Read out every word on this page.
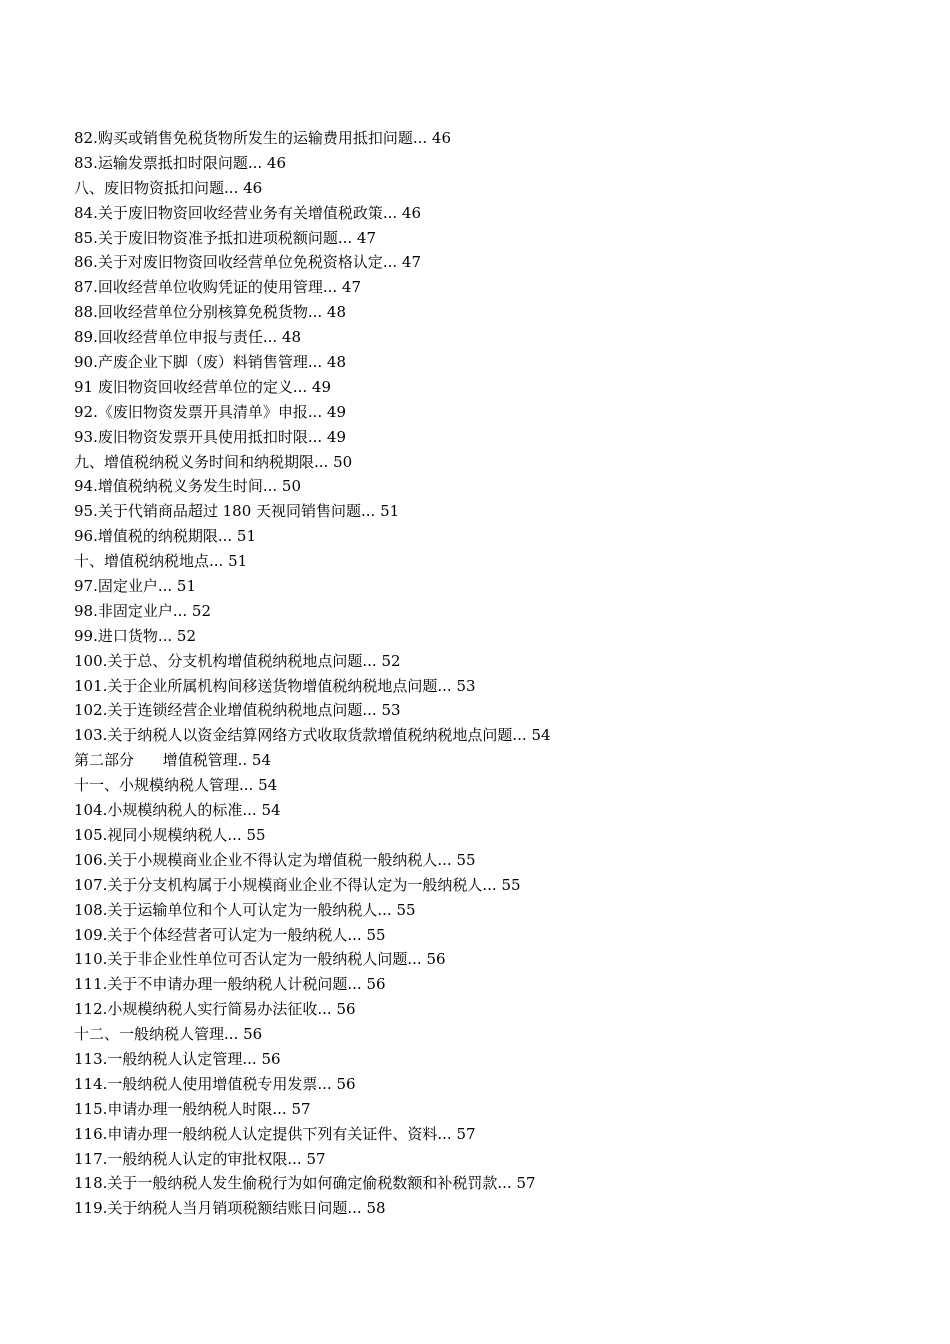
82.购买或销售免税货物所发生的运输费用抵扣问题... 46
83.运输发票抵扣时限问题... 46
八、废旧物资抵扣问题... 46
84.关于废旧物资回收经营业务有关增值税政策... 46
85.关于废旧物资准予抵扣进项税额问题... 47
86.关于对废旧物资回收经营单位免税资格认定... 47
87.回收经营单位收购凭证的使用管理... 47
88.回收经营单位分别核算免税货物... 48
89.回收经营单位申报与责任... 48
90.产废企业下脚（废）料销售管理... 48
91 废旧物资回收经营单位的定义... 49
92.《废旧物资发票开具清单》申报... 49
93.废旧物资发票开具使用抵扣时限... 49
九、增值税纳税义务时间和纳税期限... 50
94.增值税纳税义务发生时间... 50
95.关于代销商品超过 180 天视同销售问题... 51
96.增值税的纳税期限... 51
十、增值税纳税地点... 51
97.固定业户... 51
98.非固定业户... 52
99.进口货物... 52
100.关于总、分支机构增值税纳税地点问题... 52
101.关于企业所属机构间移送货物增值税纳税地点问题... 53
102.关于连锁经营企业增值税纳税地点问题... 53
103.关于纳税人以资金结算网络方式收取货款增值税纳税地点问题... 54
第二部分      增值税管理.. 54
十一、小规模纳税人管理... 54
104.小规模纳税人的标准... 54
105.视同小规模纳税人... 55
106.关于小规模商业企业不得认定为增值税一般纳税人... 55
107.关于分支机构属于小规模商业企业不得认定为一般纳税人... 55
108.关于运输单位和个人可认定为一般纳税人... 55
109.关于个体经营者可认定为一般纳税人... 55
110.关于非企业性单位可否认定为一般纳税人问题... 56
111.关于不申请办理一般纳税人计税问题... 56
112.小规模纳税人实行简易办法征收... 56
十二、一般纳税人管理... 56
113.一般纳税人认定管理... 56
114.一般纳税人使用增值税专用发票... 56
115.申请办理一般纳税人时限... 57
116.申请办理一般纳税人认定提供下列有关证件、资料... 57
117.一般纳税人认定的审批权限... 57
118.关于一般纳税人发生偷税行为如何确定偷税数额和补税罚款... 57
119.关于纳税人当月销项税额结账日问题... 58
